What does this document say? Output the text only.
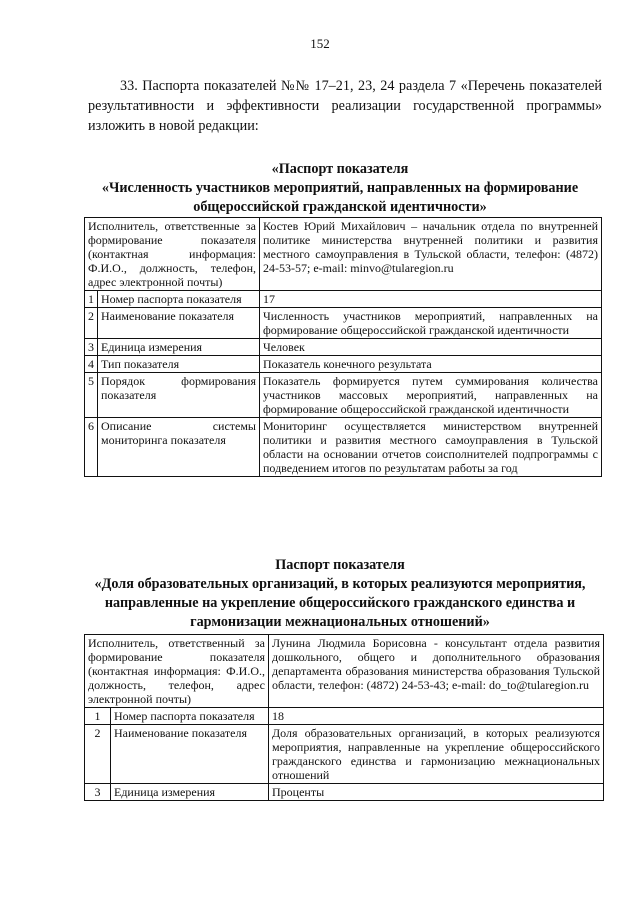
152
33. Паспорта показателей №№ 17–21, 23, 24 раздела 7 «Перечень показателей результативности и эффективности реализации государственной программы» изложить в новой редакции:
«Паспорт показателя
«Численность участников мероприятий, направленных на формирование общероссийской гражданской идентичности»
Исполнитель, ответственные за формирование показателя (контактная информация: Ф.И.О., должность, телефон, адрес электронной почты)		Костев Юрий Михайлович – начальник отдела по внутренней политике министерства внутренней политики и развития местного самоуправления в Тульской области, телефон: (4872) 24-53-57; e-mail: minvo@tularegion.ru
1	Номер паспорта показателя	17
2	Наименование показателя	Численность участников мероприятий, направленных на формирование общероссийской гражданской идентичности
3	Единица измерения	Человек
4	Тип показателя	Показатель конечного результата
5	Порядок формирования показателя	Показатель формируется путем суммирования количества участников массовых мероприятий, направленных на формирование общероссийской гражданской идентичности
6	Описание системы мониторинга показателя	Мониторинг осуществляется министерством внутренней политики и развития местного самоуправления в Тульской области на основании отчетов соисполнителей подпрограммы с подведением итогов по результатам работы за год
Паспорт показателя
«Доля образовательных организаций, в которых реализуются мероприятия, направленные на укрепление общероссийского гражданского единства и гармонизации межнациональных отношений»
Исполнитель, ответственный за формирование показателя (контактная информация: Ф.И.О., должность, телефон, адрес электронной почты)		Лунина Людмила Борисовна - консультант отдела развития дошкольного, общего и дополнительного образования департамента образования министерства образования Тульской области, телефон: (4872) 24-53-43; e-mail: do_to@tularegion.ru
1	Номер паспорта показателя	18
2	Наименование показателя	Доля образовательных организаций, в которых реализуются мероприятия, направленные на укрепление общероссийского гражданского единства и гармонизацию межнациональных отношений
3	Единица измерения	Проценты
